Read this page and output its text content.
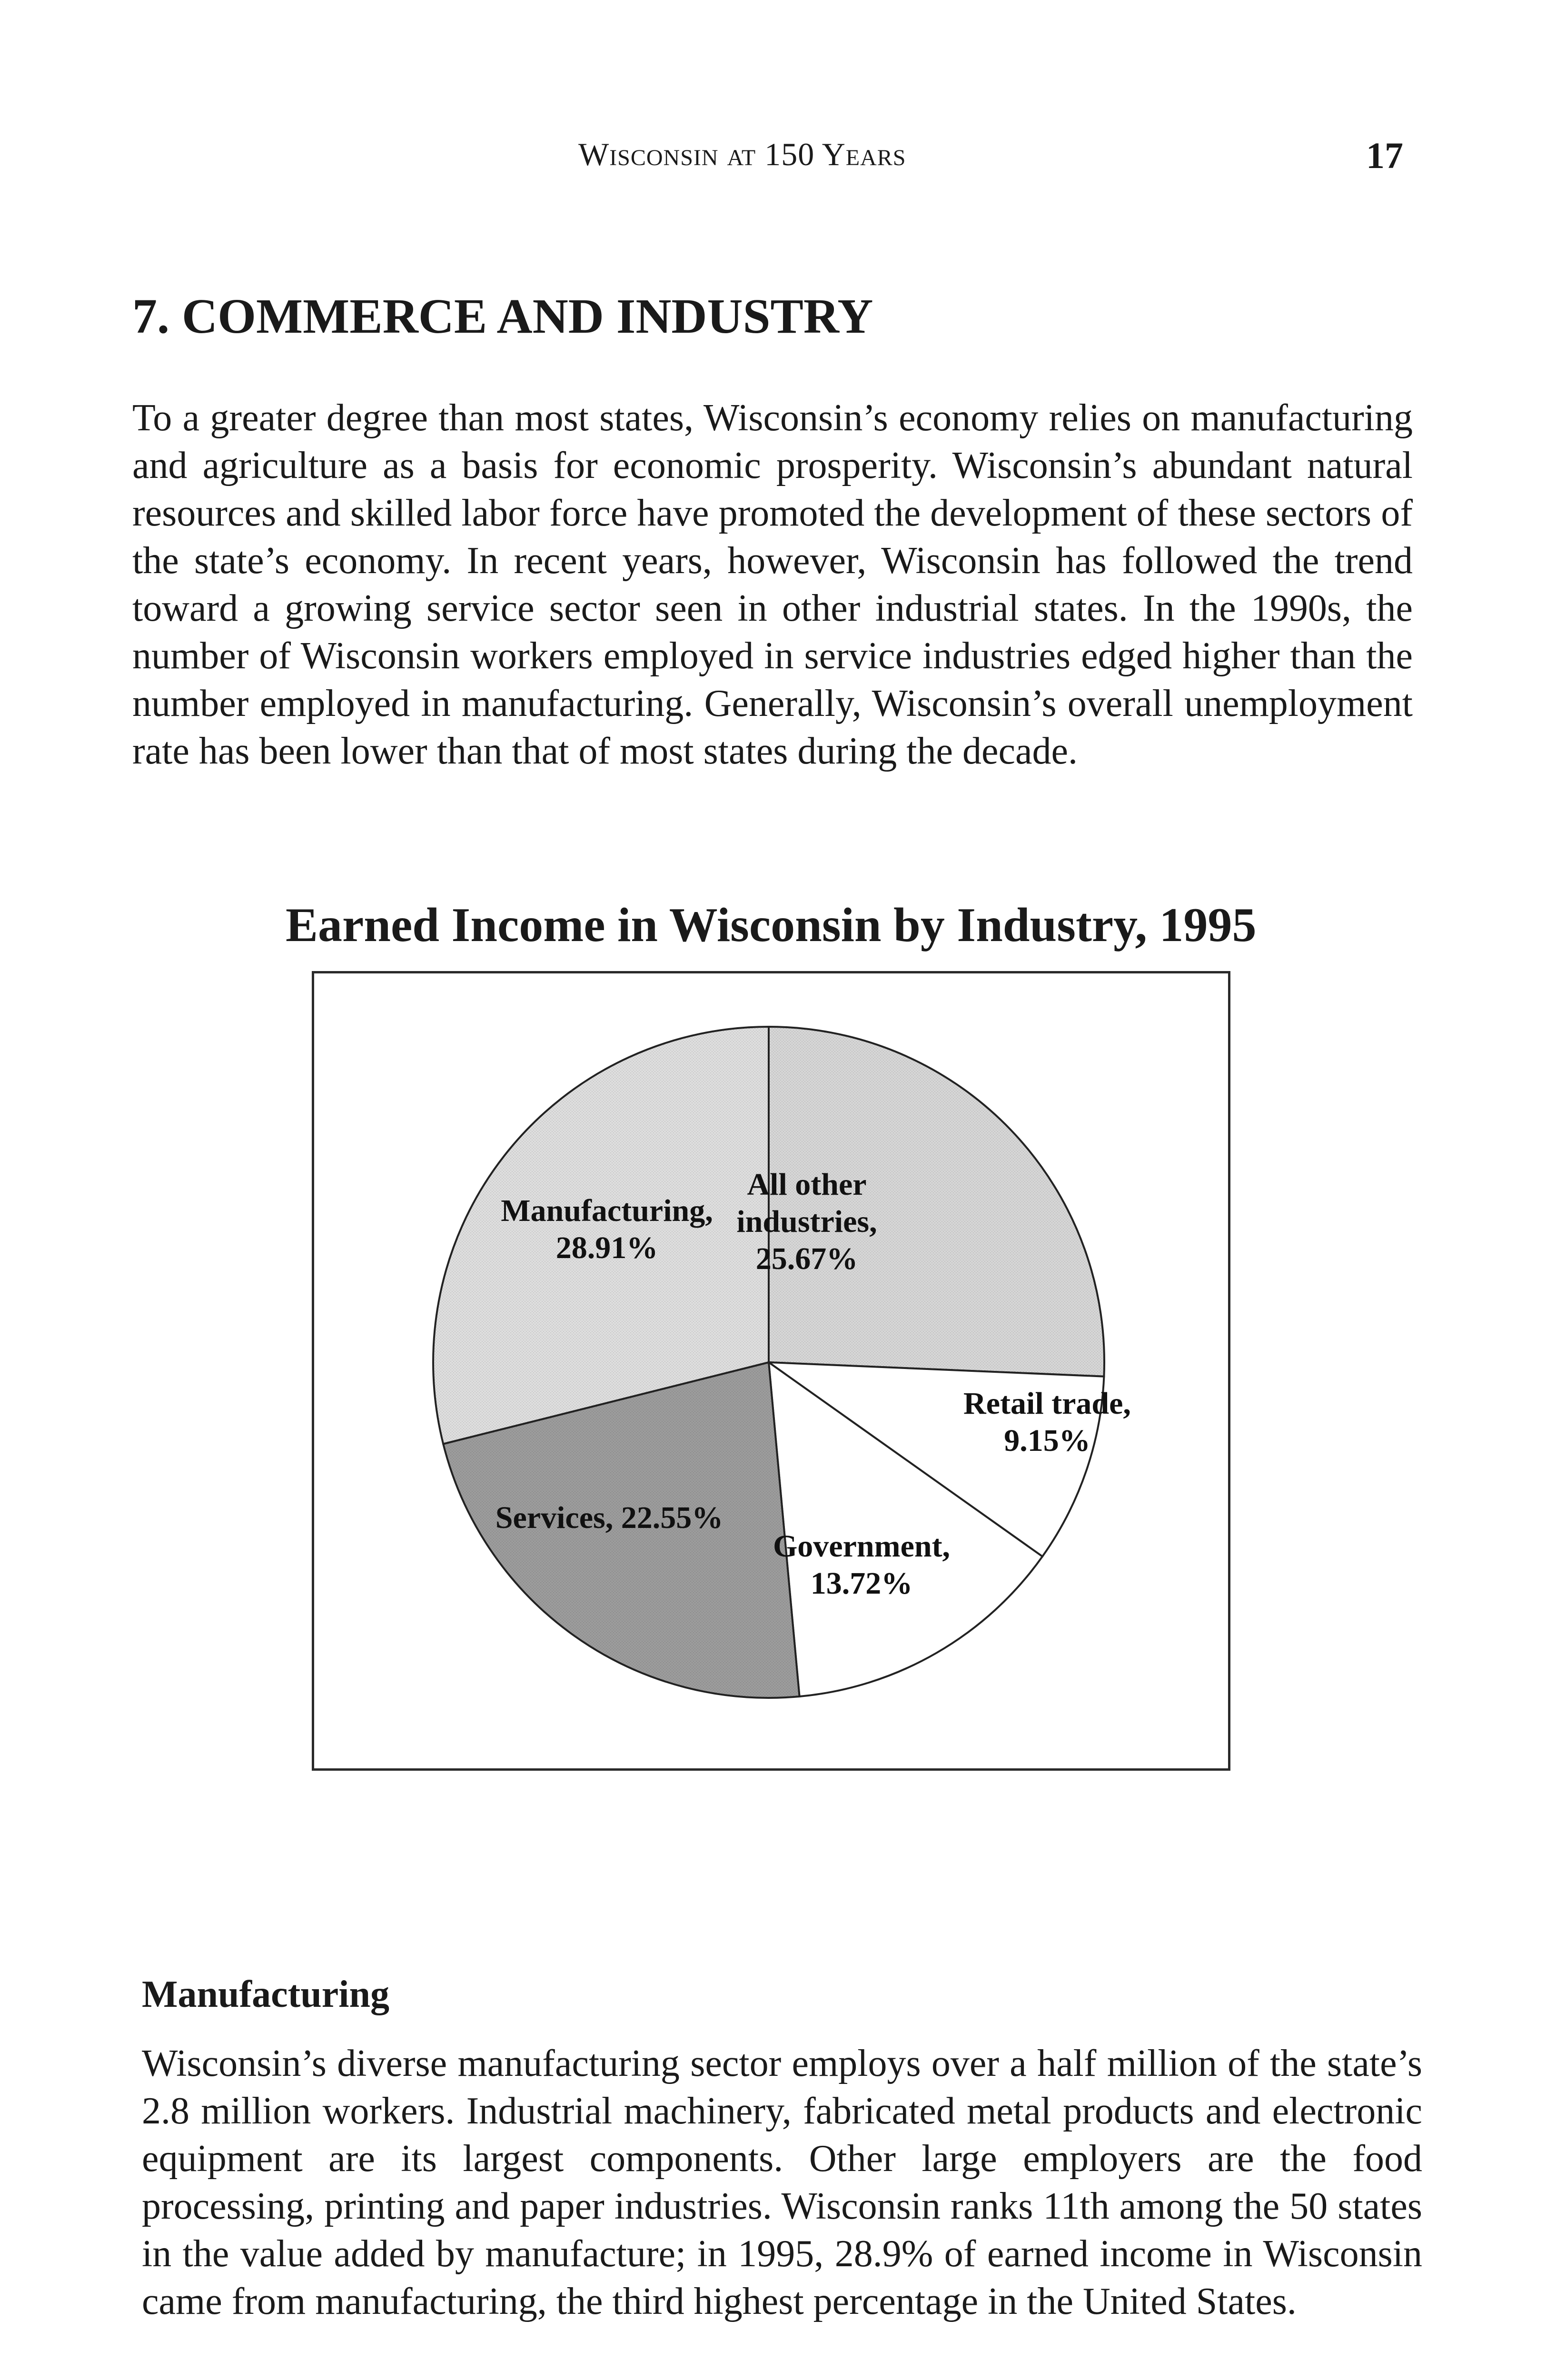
Wisconsin at 150 Years	17
7. COMMERCE AND INDUSTRY

To a greater degree than most states, Wisconsin’s economy relies on manufacturing and agriculture as a basis for economic prosperity. Wisconsin’s abundant natural resources and skilled labor force have promoted the development of these sectors of the state’s economy. In recent years, however, Wisconsin has followed the trend toward a growing service sector seen in other industrial states. In the 1990s, the number of Wisconsin workers employed in service industries edged higher than the number employed in manufacturing. Generally, Wisconsin’s overall unemployment rate has been lower than that of most states during the decade.

Earned Income in Wisconsin by Industry, 1995
All other industries, 25.67%
Retail trade, 9.15%
Government, 13.72%
Services, 22.55%
Manufacturing, 28.91%
Manufacturing

Wisconsin’s diverse manufacturing sector employs over a half million of the state’s 2.8 million workers. Industrial machinery, fabricated metal products and electronic equipment are its largest components. Other large employers are the food processing, printing and paper industries. Wisconsin ranks 11th among the 50 states in the value added by manufacture; in 1995, 28.9% of earned income in Wisconsin came from manufacturing, the third highest percentage in the United States.
